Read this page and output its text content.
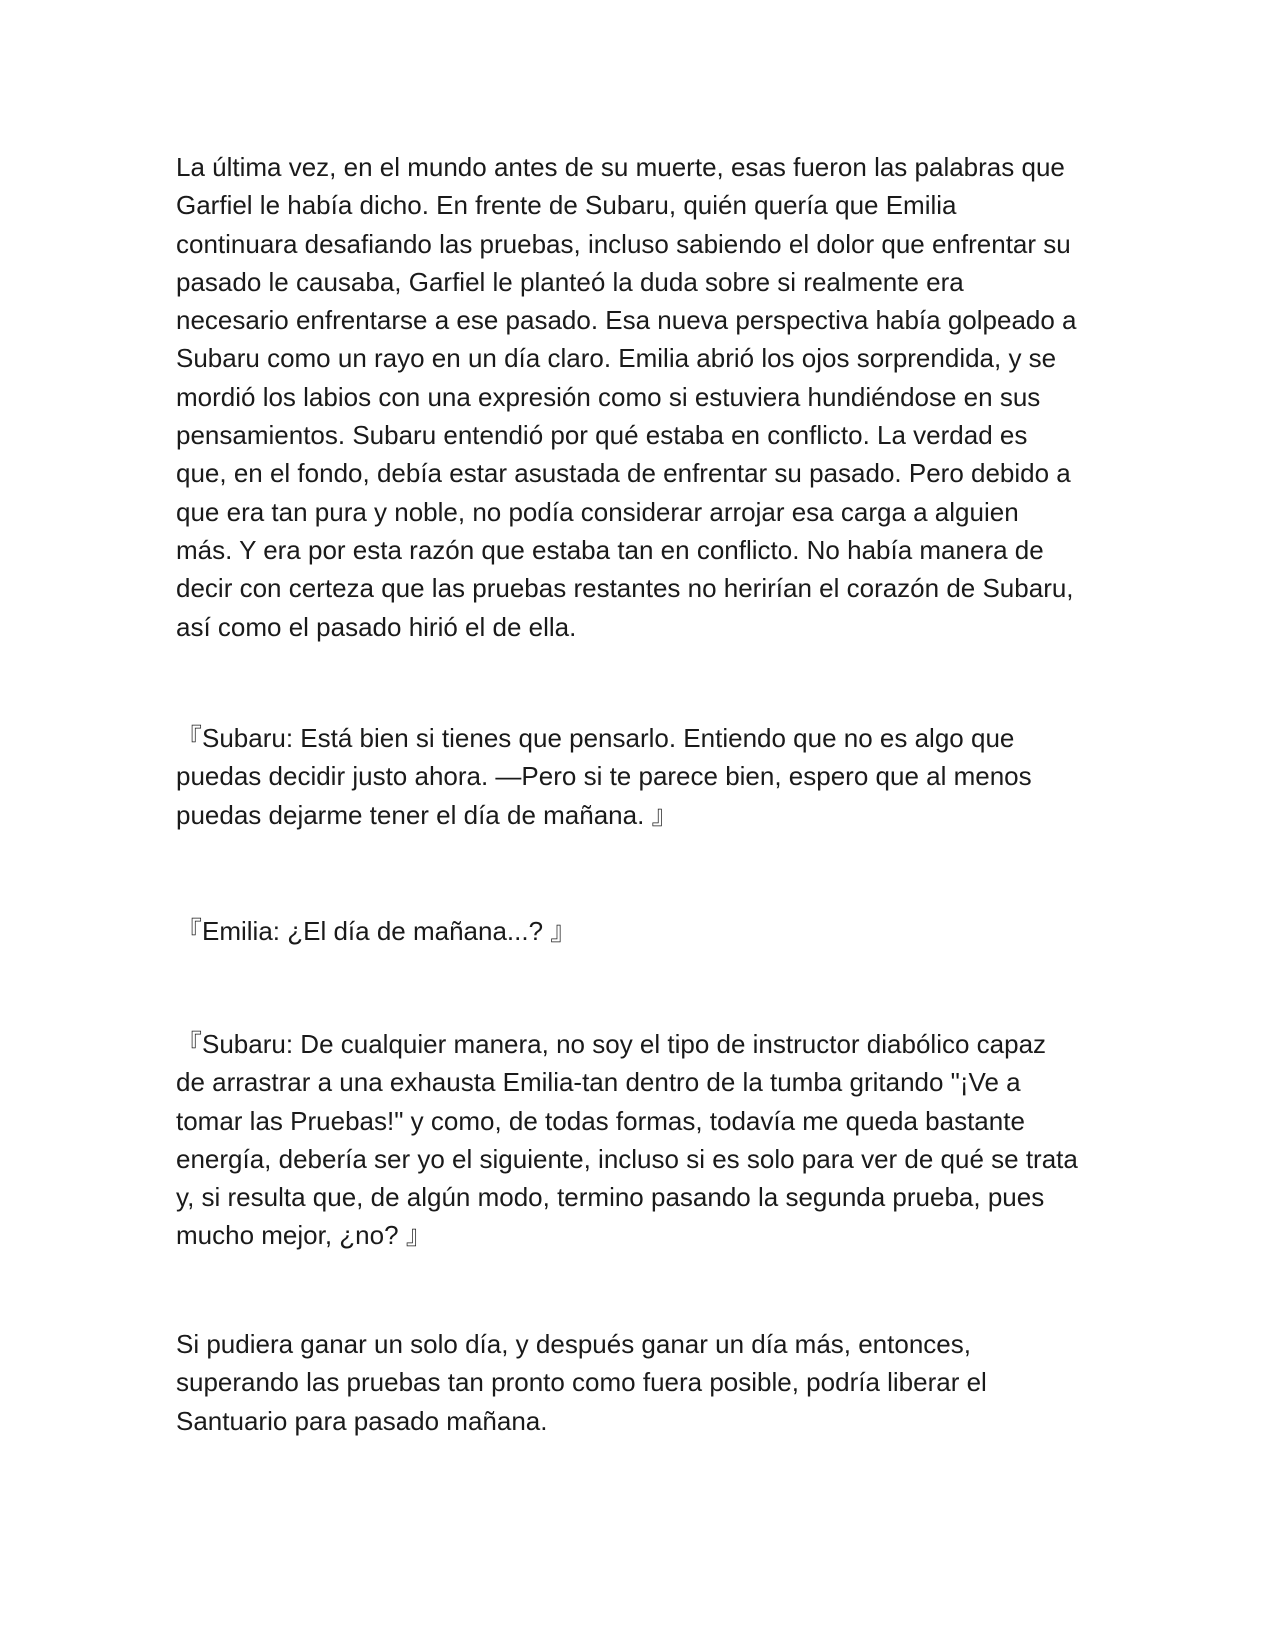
La última vez, en el mundo antes de su muerte, esas fueron las palabras que
Garfiel le había dicho. En frente de Subaru, quién quería que Emilia
continuara desafiando las pruebas, incluso sabiendo el dolor que enfrentar su
pasado le causaba, Garfiel le planteó la duda sobre si realmente era
necesario enfrentarse a ese pasado. Esa nueva perspectiva había golpeado a
Subaru como un rayo en un día claro. Emilia abrió los ojos sorprendida, y se
mordió los labios con una expresión como si estuviera hundiéndose en sus
pensamientos. Subaru entendió por qué estaba en conflicto. La verdad es
que, en el fondo, debía estar asustada de enfrentar su pasado. Pero debido a
que era tan pura y noble, no podía considerar arrojar esa carga a alguien
más. Y era por esta razón que estaba tan en conflicto. No había manera de
decir con certeza que las pruebas restantes no herirían el corazón de Subaru,
así como el pasado hirió el de ella.

『Subaru: Está bien si tienes que pensarlo. Entiendo que no es algo que
puedas decidir justo ahora. —Pero si te parece bien, espero que al menos
puedas dejarme tener el día de mañana. 』

『Emilia: ¿El día de mañana...? 』

『Subaru: De cualquier manera, no soy el tipo de instructor diabólico capaz
de arrastrar a una exhausta Emilia-tan dentro de la tumba gritando "¡Ve a
tomar las Pruebas!" y como, de todas formas, todavía me queda bastante
energía, debería ser yo el siguiente, incluso si es solo para ver de qué se trata
y, si resulta que, de algún modo, termino pasando la segunda prueba, pues
mucho mejor, ¿no? 』

Si pudiera ganar un solo día, y después ganar un día más, entonces,
superando las pruebas tan pronto como fuera posible, podría liberar el
Santuario para pasado mañana.
